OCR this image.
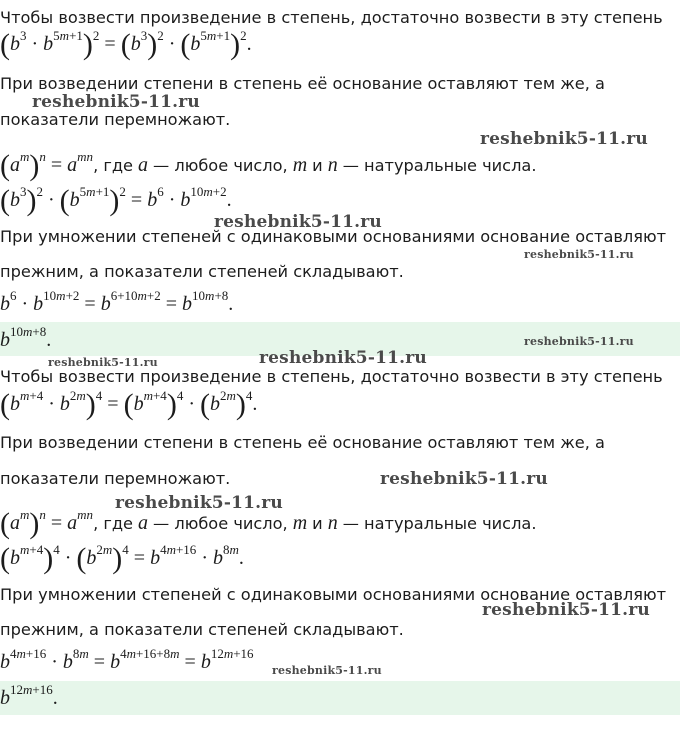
Чтобы возвести произведение в степень, достаточно возвести в эту степень
$(b^3 \cdot b^{5m+1})^2 = (b^3)^2 \cdot (b^{5m+1})^2$.
При возведении степени в степень её основание оставляют тем же, а
показатели перемножают.
$(a^m)^n = a^{mn}$, где a — любое число, m и n — натуральные числа.
$(b^3)^2 \cdot (b^{5m+1})^2 = b^6 \cdot b^{10m+2}$.
При умножении степеней с одинаковыми основаниями основание оставляют
прежним, а показатели степеней складывают.
$b^6 \cdot b^{10m+2} = b^{6+10m+2} = b^{10m+8}$.
$b^{10m+8}$.
Чтобы возвести произведение в степень, достаточно возвести в эту степень
$(b^{m+4} \cdot b^{2m})^4 = (b^{m+4})^4 \cdot (b^{2m})^4$.
При возведении степени в степень её основание оставляют тем же, а
показатели перемножают.
$(a^m)^n = a^{mn}$, где a — любое число, m и n — натуральные числа.
$(b^{m+4})^4 \cdot (b^{2m})^4 = b^{4m+16} \cdot b^{8m}$.
При умножении степеней с одинаковыми основаниями основание оставляют
прежним, а показатели степеней складывают.
$b^{4m+16} \cdot b^{8m} = b^{4m+16+8m} = b^{12m+16}$
$b^{12m+16}$.
reshebnik5-11.ru
reshebnik5-11.ru
reshebnik5-11.ru
reshebnik5-11.ru
reshebnik5-11.ru
reshebnik5-11.ru	reshebnik5-11.ru
reshebnik5-11.ru
reshebnik5-11.ru
reshebnik5-11.ru
reshebnik5-11.ru
